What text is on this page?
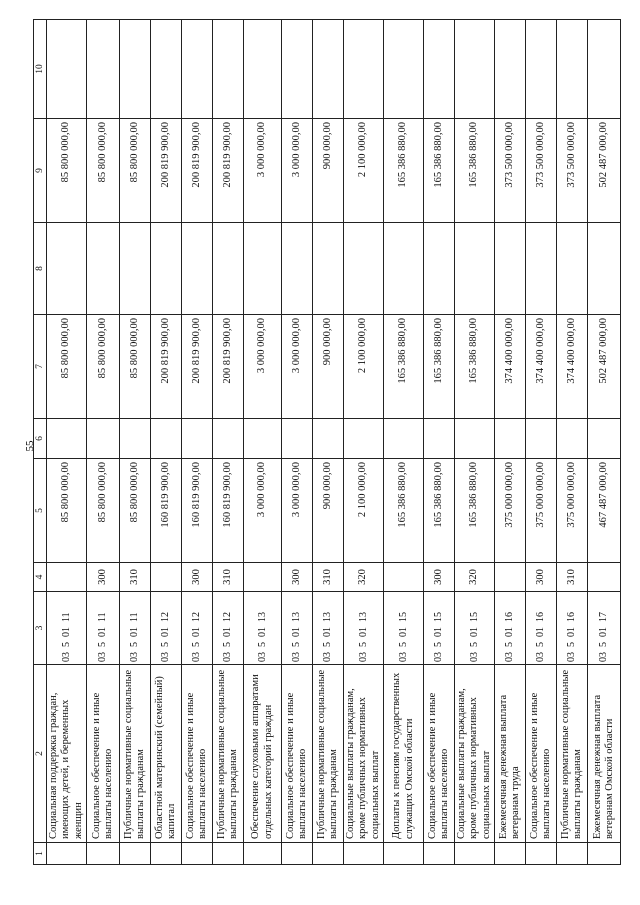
55
1	2	3	4	5	6	7	8	9	10
	Социальная поддержка граждан, имеющих детей, и беременных женщин	03  5  01  11		85 800 000,00		85 800 000,00		85 800 000,00	
	Социальное обеспечение и иные выплаты населению	03  5  01  11	300	85 800 000,00		85 800 000,00		85 800 000,00	
	Публичные нормативные социальные выплаты гражданам	03  5  01  11	310	85 800 000,00		85 800 000,00		85 800 000,00	
	Областной материнский (семейный) капитал	03  5  01  12		160 819 900,00		200 819 900,00		200 819 900,00	
	Социальное обеспечение и иные выплаты населению	03  5  01  12	300	160 819 900,00		200 819 900,00		200 819 900,00	
	Публичные нормативные социальные выплаты гражданам	03  5  01  12	310	160 819 900,00		200 819 900,00		200 819 900,00	
	Обеспечение слуховыми аппаратами отдельных категорий граждан	03  5  01  13		3 000 000,00		3 000 000,00		3 000 000,00	
	Социальное обеспечение и иные выплаты населению	03  5  01  13	300	3 000 000,00		3 000 000,00		3 000 000,00	
	Публичные нормативные социальные выплаты гражданам	03  5  01  13	310	900 000,00		900 000,00		900 000,00	
	Социальные выплаты гражданам, кроме публичных нормативных социальных выплат	03  5  01  13	320	2 100 000,00		2 100 000,00		2 100 000,00	
	Доплаты к пенсиям государственных служащих Омской области	03  5  01  15		165 386 880,00		165 386 880,00		165 386 880,00	
	Социальное обеспечение и иные выплаты населению	03  5  01  15	300	165 386 880,00		165 386 880,00		165 386 880,00	
	Социальные выплаты гражданам, кроме публичных нормативных социальных выплат	03  5  01  15	320	165 386 880,00		165 386 880,00		165 386 880,00	
	Ежемесячная денежная выплата ветеранам труда	03  5  01  16		375 000 000,00		374 400 000,00		373 500 000,00	
	Социальное обеспечение и иные выплаты населению	03  5  01  16	300	375 000 000,00		374 400 000,00		373 500 000,00	
	Публичные нормативные социальные выплаты гражданам	03  5  01  16	310	375 000 000,00		374 400 000,00		373 500 000,00	
	Ежемесячная денежная выплата ветеранам Омской области	03  5  01  17		467 487 000,00		502 487 000,00		502 487 000,00	
